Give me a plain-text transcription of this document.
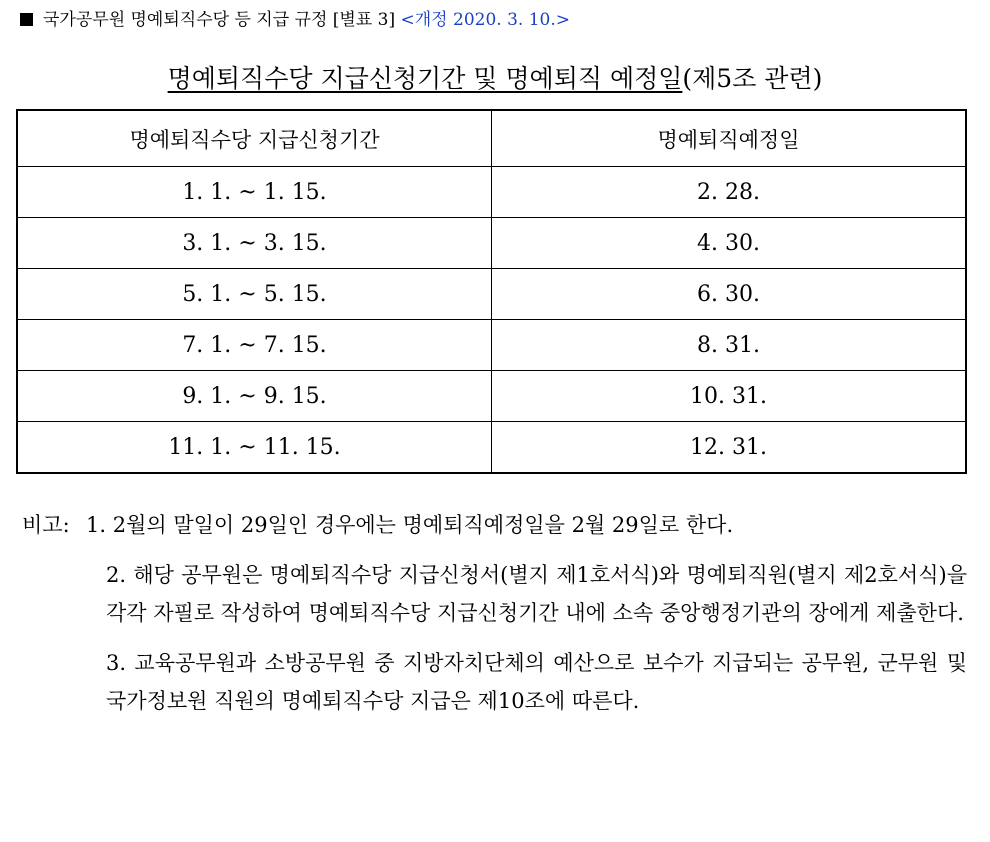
국가공무원 명예퇴직수당 등 지급 규정 [별표 3] <개정 2020. 3. 10.>
명예퇴직수당 지급신청기간 및 명예퇴직 예정일(제5조 관련)
명예퇴직수당 지급신청기간	명예퇴직예정일
1. 1. ~ 1. 15.	2. 28.
3. 1. ~ 3. 15.	4. 30.
5. 1. ~ 5. 15.	6. 30.
7. 1. ~ 7. 15.	8. 31.
9. 1. ~ 9. 15.	10. 31.
11. 1. ~ 11. 15.	12. 31.
비고: 1. 2월의 말일이 29일인 경우에는 명예퇴직예정일을 2월 29일로 한다.
2. 해당 공무원은 명예퇴직수당 지급신청서(별지 제1호서식)와 명예퇴직원(별지 제2호서식)을 각각 자필로 작성하여 명예퇴직수당 지급신청기간 내에 소속 중앙행정기관의 장에게 제출한다.
3. 교육공무원과 소방공무원 중 지방자치단체의 예산으로 보수가 지급되는 공무원, 군무원 및 국가정보원 직원의 명예퇴직수당 지급은 제10조에 따른다.
